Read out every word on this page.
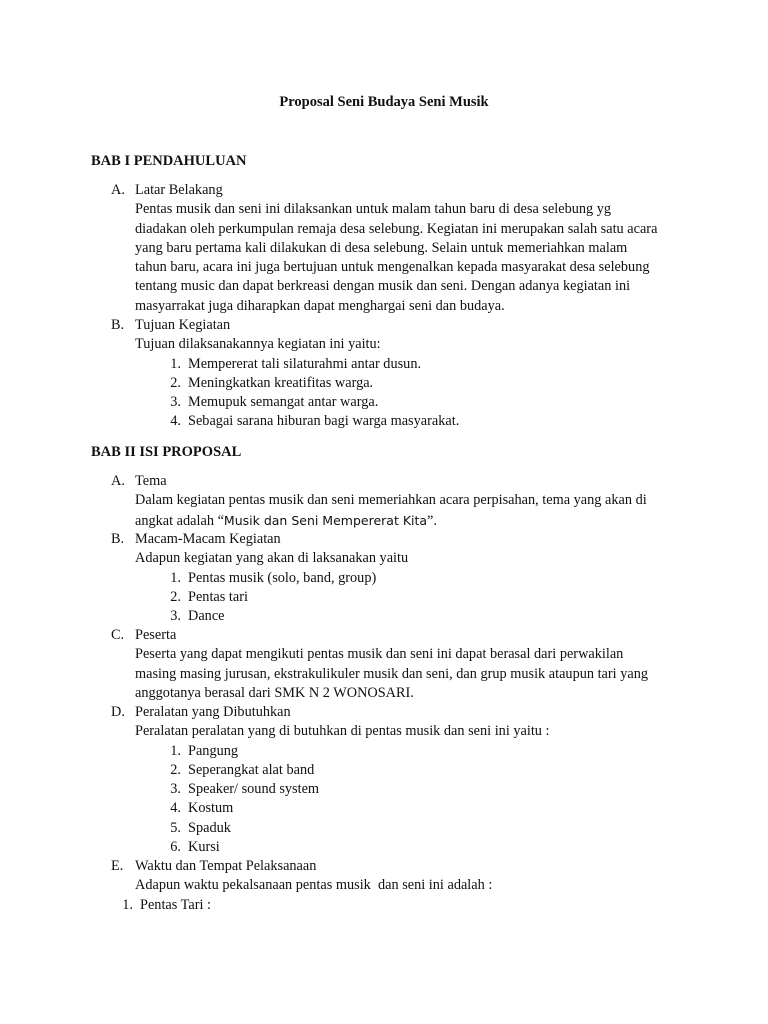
Proposal Seni Budaya Seni Musik
BAB I PENDAHULUAN
A. Latar Belakang
Pentas musik dan seni ini dilaksankan untuk malam tahun baru di desa selebung yg
diadakan oleh perkumpulan remaja desa selebung. Kegiatan ini merupakan salah satu acara
yang baru pertama kali dilakukan di desa selebung. Selain untuk memeriahkan malam
tahun baru, acara ini juga bertujuan untuk mengenalkan kepada masyarakat desa selebung
tentang music dan dapat berkreasi dengan musik dan seni. Dengan adanya kegiatan ini
masyarrakat juga diharapkan dapat menghargai seni dan budaya.
B. Tujuan Kegiatan
Tujuan dilaksanakannya kegiatan ini yaitu:
1. Mempererat tali silaturahmi antar dusun.
2. Meningkatkan kreatifitas warga.
3. Memupuk semangat antar warga.
4. Sebagai sarana hiburan bagi warga masyarakat.
BAB II ISI PROPOSAL
A. Tema
Dalam kegiatan pentas musik dan seni memeriahkan acara perpisahan, tema yang akan di
angkat adalah “Musik dan Seni Mempererat Kita”.
B. Macam-Macam Kegiatan
Adapun kegiatan yang akan di laksanakan yaitu
1. Pentas musik (solo, band, group)
2. Pentas tari
3. Dance
C. Peserta
Peserta yang dapat mengikuti pentas musik dan seni ini dapat berasal dari perwakilan
masing masing jurusan, ekstrakulikuler musik dan seni, dan grup musik ataupun tari yang
anggotanya berasal dari SMK N 2 WONOSARI.
D. Peralatan yang Dibutuhkan
Peralatan peralatan yang di butuhkan di pentas musik dan seni ini yaitu :
1. Pangung
2. Seperangkat alat band
3. Speaker/ sound system
4. Kostum
5. Spaduk
6. Kursi
E. Waktu dan Tempat Pelaksanaan
Adapun waktu pekalsanaan pentas musik  dan seni ini adalah :
1. Pentas Tari :
